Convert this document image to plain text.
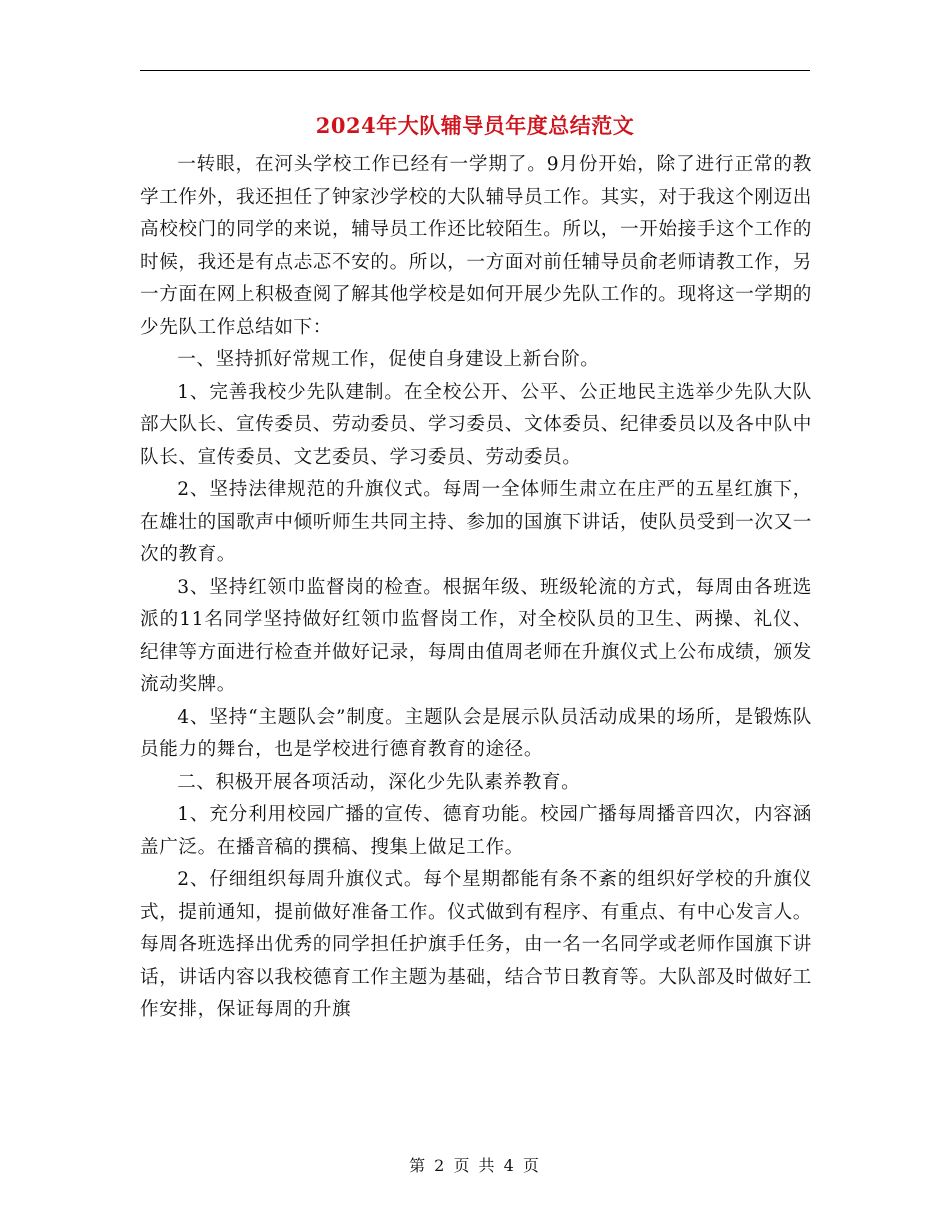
2024年大队辅导员年度总结范文

一转眼，在河头学校工作已经有一学期了。9月份开始，除了进行正常的教学工作外，我还担任了钟家沙学校的大队辅导员工作。其实，对于我这个刚迈出高校校门的同学的来说，辅导员工作还比较陌生。所以，一开始接手这个工作的时候，我还是有点忐忑不安的。所以，一方面对前任辅导员俞老师请教工作，另一方面在网上积极查阅了解其他学校是如何开展少先队工作的。现将这一学期的少先队工作总结如下：

一、坚持抓好常规工作，促使自身建设上新台阶。

1、完善我校少先队建制。在全校公开、公平、公正地民主选举少先队大队部大队长、宣传委员、劳动委员、学习委员、文体委员、纪律委员以及各中队中队长、宣传委员、文艺委员、学习委员、劳动委员。

2、坚持法律规范的升旗仪式。每周一全体师生肃立在庄严的五星红旗下，在雄壮的国歌声中倾听师生共同主持、参加的国旗下讲话，使队员受到一次又一次的教育。

3、坚持红领巾监督岗的检查。根据年级、班级轮流的方式，每周由各班选派的11名同学坚持做好红领巾监督岗工作，对全校队员的卫生、两操、礼仪、纪律等方面进行检查并做好记录，每周由值周老师在升旗仪式上公布成绩，颁发流动奖牌。

4、坚持“主题队会”制度。主题队会是展示队员活动成果的场所，是锻炼队员能力的舞台，也是学校进行德育教育的途径。

二、积极开展各项活动，深化少先队素养教育。

1、充分利用校园广播的宣传、德育功能。校园广播每周播音四次，内容涵盖广泛。在播音稿的撰稿、搜集上做足工作。

2、仔细组织每周升旗仪式。每个星期都能有条不紊的组织好学校的升旗仪式，提前通知，提前做好准备工作。仪式做到有程序、有重点、有中心发言人。每周各班选择出优秀的同学担任护旗手任务，由一名一名同学或老师作国旗下讲话，讲话内容以我校德育工作主题为基础，结合节日教育等。大队部及时做好工作安排，保证每周的升旗

第 2 页 共 4 页
